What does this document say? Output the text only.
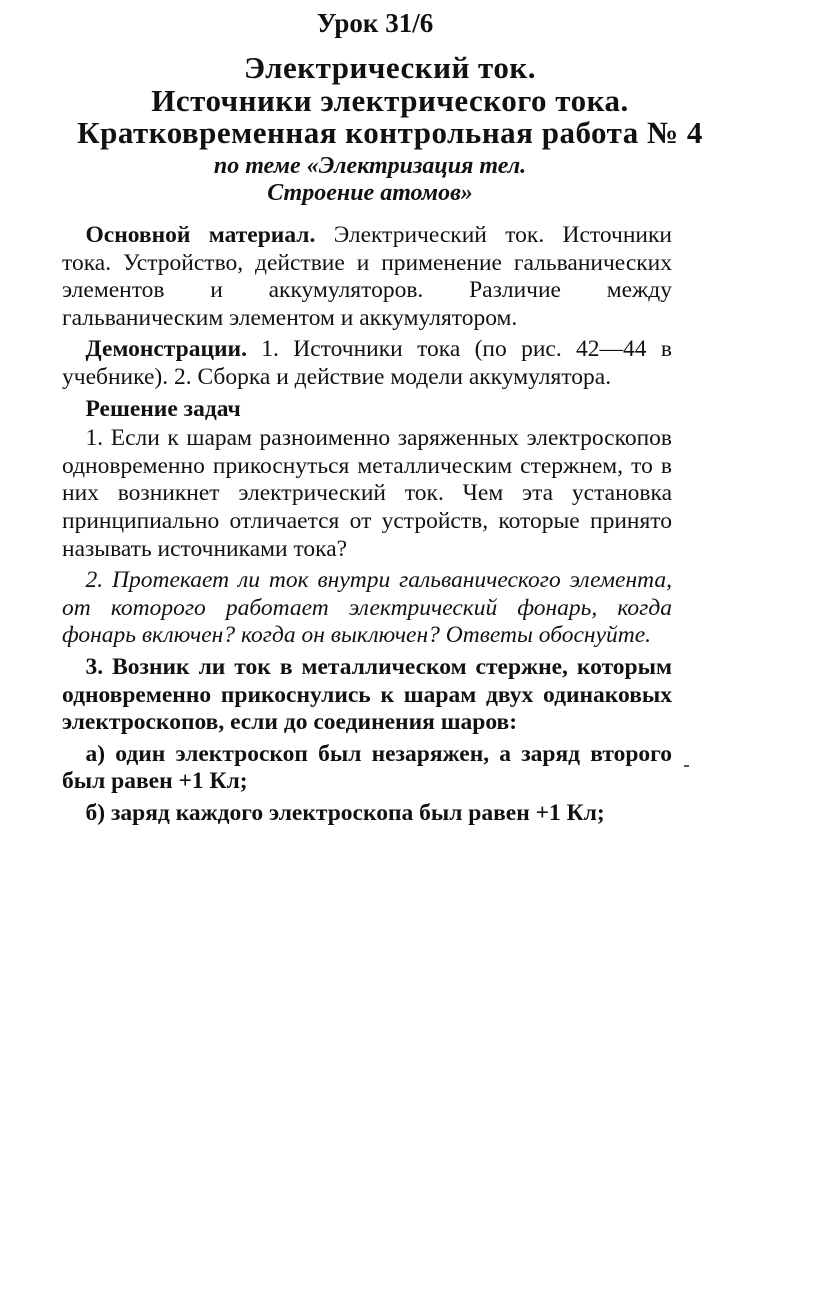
Урок 31/6
Электрический ток.
Источники электрического тока.
Кратковременная контрольная работа № 4
по теме «Электризация тел.
Строение атомов»

 Основной материал. Электрический ток. Источники тока. Устройство, действие и применение гальванических элементов и аккумуляторов. Различие между гальваническим элементом и аккумулятором.

 Демонстрации. 1. Источники тока (по рис. 42—44 в учебнике). 2. Сборка и действие модели аккумулятора.

 Решение задач

 1. Если к шарам разноименно заряженных электроскопов одновременно прикоснуться металлическим стержнем, то в них возникнет электрический ток. Чем эта установка принципиально отличается от устройств, которые принято называть источниками тока?

 2. Протекает ли ток внутри гальванического элемента, от которого работает электрический фонарь, когда фонарь включен? когда он выключен? Ответы обоснуйте.

 3. Возник ли ток в металлическом стержне, которым одновременно прикоснулись к шарам двух одинаковых электроскопов, если до соединения шаров:

 а) один электроскоп был незаряжен, а заряд второго был равен +1 Кл;

 б) заряд каждого электроскопа был равен +1 Кл;
